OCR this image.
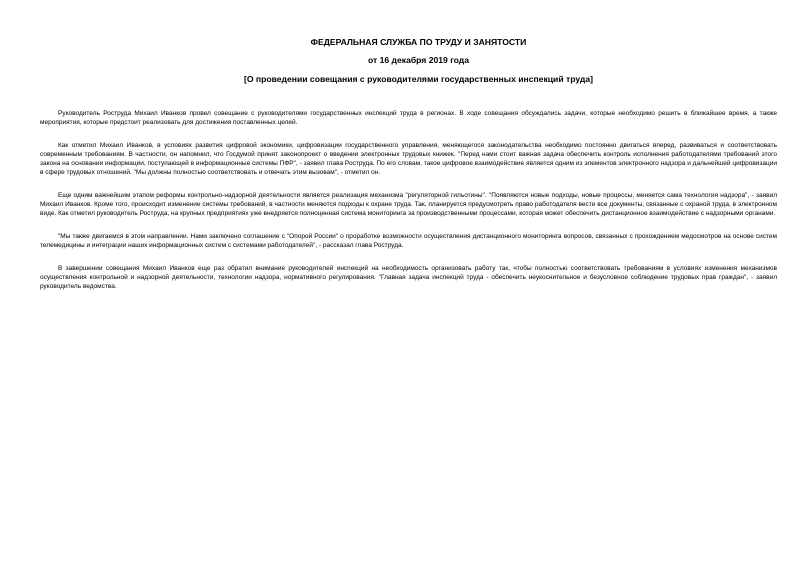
ФЕДЕРАЛЬНАЯ СЛУЖБА ПО ТРУДУ И ЗАНЯТОСТИ
от 16 декабря 2019 года
[О проведении совещания с руководителями государственных инспекций труда]

Руководитель Роструда Михаил Иванков провел совещание с руководителями государственных инспекций труда в регионах. В ходе совещания обсуждались задачи, которые необходимо решить в ближайшее время, а также мероприятия, которые предстоит реализовать для достижения поставленных целей.

Как отметил Михаил Иванков, в условиях развития цифровой экономики, цифровизации государственного управления, меняющегося законодательства необходимо постоянно двигаться вперед, развиваться и соответствовать современным требованиям. В частности, он напомнил, что Госдумой принят законопроект о введении электронных трудовых книжек. "Перед нами стоит важная задача обеспечить контроль исполнения работодателями требований этого закона на основании информации, поступающей в информационные системы ПФР", - заявил глава Роструда. По его словам, такое цифровое взаимодействие является одним из элементов электронного надзора и дальнейшей цифровизации в сфере трудовых отношений. "Мы должны полностью соответствовать и отвечать этим вызовам", - отметил он.

Еще одним важнейшим этапом реформы контрольно-надзорной деятельности является реализация механизма "регуляторной гильотины". "Появляются новые подходы, новые процессы, меняется сама технология надзора", - заявил Михаил Иванков. Кроме того, происходит изменение системы требований, в частности меняются подходы к охране труда. Так, планируется предусмотреть право работодателя вести все документы, связанные с охраной труда, в электронном виде. Как отметил руководитель Роструда, на крупных предприятиях уже внедряется полноценная система мониторинга за производственными процессами, которая может обеспечить дистанционное взаимодействие с надзорными органами.

"Мы также двигаемся в этом направлении. Нами заключено соглашение с "Опорой России" о проработке возможности осуществления дистанционного мониторинга вопросов, связанных с прохождением медосмотров на основе систем телемедицины и интеграции наших информационных систем с системами работодателей", - рассказал глава Роструда.

В завершении совещания Михаил Иванков еще раз обратил внимание руководителей инспекций на необходимость организовать работу так, чтобы полностью соответствовать требованиям в условиях изменения механизмов осуществления контрольной и надзорной деятельности, технологии надзора, нормативного регулирования. "Главная задача инспекций труда - обеспечить неукоснительное и безусловное соблюдение трудовых прав граждан", - заявил руководитель ведомства.
